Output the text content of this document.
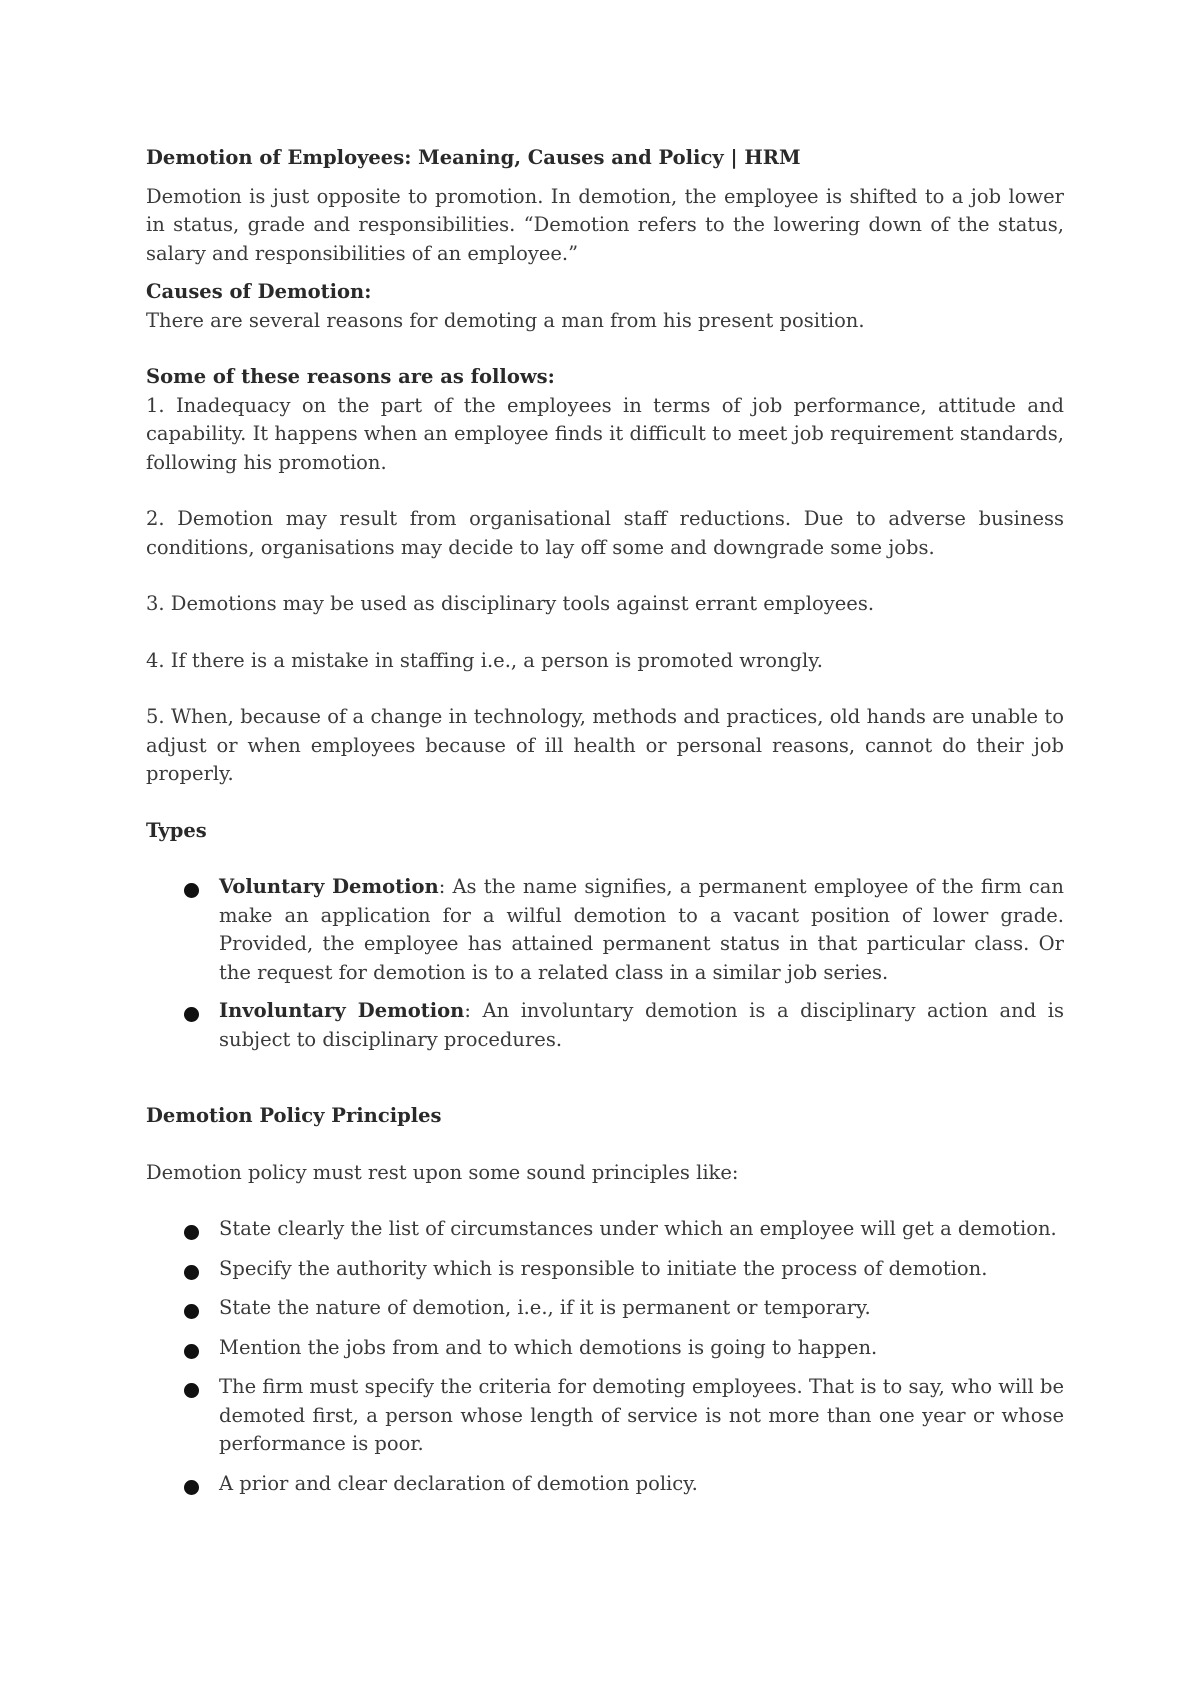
Demotion of Employees: Meaning, Causes and Policy | HRM

Demotion is just opposite to promotion. In demotion, the employee is shifted to a job lower in status, grade and responsibilities. “Demotion refers to the lowering down of the status, salary and responsibilities of an employee.”

Causes of Demotion:

There are several reasons for demoting a man from his present position.

Some of these reasons are as follows:

1. Inadequacy on the part of the employees in terms of job performance, attitude and capability. It happens when an employee finds it difficult to meet job requirement standards, following his promotion.

2. Demotion may result from organisational staff reductions. Due to adverse business conditions, organisations may decide to lay off some and downgrade some jobs.

3. Demotions may be used as disciplinary tools against errant employees.

4. If there is a mistake in staffing i.e., a person is promoted wrongly.

5. When, because of a change in technology, methods and practices, old hands are unable to adjust or when employees because of ill health or personal reasons, cannot do their job properly.

Types
Voluntary Demotion: As the name signifies, a permanent employee of the firm can make an application for a wilful demotion to a vacant position of lower grade. Provided, the employee has attained permanent status in that particular class. Or the request for demotion is to a related class in a similar job series.
Involuntary Demotion: An involuntary demotion is a disciplinary action and is subject to disciplinary procedures.
Demotion Policy Principles

Demotion policy must rest upon some sound principles like:

State clearly the list of circumstances under which an employee will get a demotion.
Specify the authority which is responsible to initiate the process of demotion.
State the nature of demotion, i.e., if it is permanent or temporary.
Mention the jobs from and to which demotions is going to happen.
The firm must specify the criteria for demoting employees. That is to say, who will be demoted first, a person whose length of service is not more than one year or whose performance is poor.
A prior and clear declaration of demotion policy.
